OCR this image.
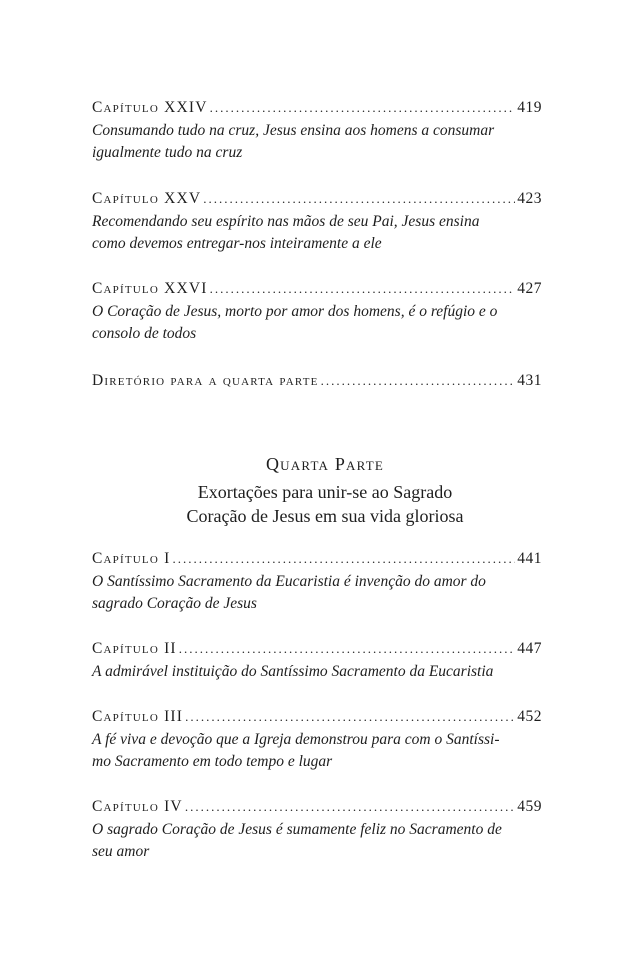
Capítulo XXIV .....	419
Consumando tudo na cruz, Jesus ensina aos homens a consumar
igualmente tudo na cruz
Capítulo XXV .....	423
Recomendando seu espírito nas mãos de seu Pai, Jesus ensina
como devemos entregar-nos inteiramente a ele
Capítulo XXVI .....	427
O Coração de Jesus, morto por amor dos homens, é o refúgio e o
consolo de todos
Diretório para a quarta parte .....	431
Quarta Parte
Exortações para unir-se ao Sagrado
Coração de Jesus em sua vida gloriosa
Capítulo I .....	441
O Santíssimo Sacramento da Eucaristia é invenção do amor do
sagrado Coração de Jesus
Capítulo II .....	447
A admirável instituição do Santíssimo Sacramento da Eucaristia
Capítulo III .....	452
A fé viva e devoção que a Igreja demonstrou para com o Santíssi-
mo Sacramento em todo tempo e lugar
Capítulo IV .....	459
O sagrado Coração de Jesus é sumamente feliz no Sacramento de
seu amor
